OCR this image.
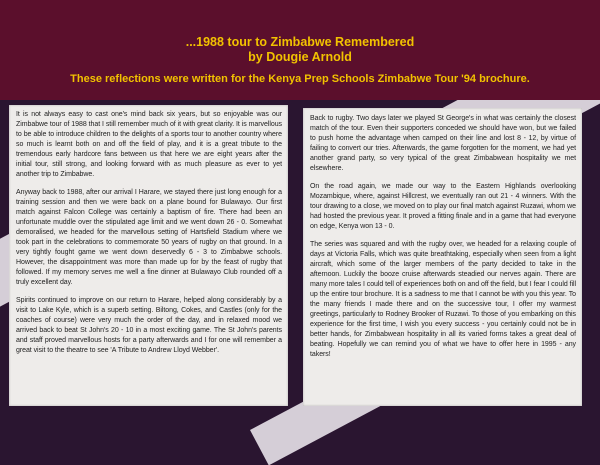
...1988 tour to Zimbabwe Remembered
by Dougie Arnold
These reflections were written for the Kenya Prep Schools Zimbabwe Tour '94 brochure.

It is not always easy to cast one's mind back six years, but so enjoyable was our Zimbabwe tour of 1988 that I still remember much of it with great clarity. It is marvellous to be able to introduce children to the delights of a sports tour to another country where so much is learnt both on and off the field of play, and it is a great tribute to the tremendous early hardcore fans between us that here we are eight years after the initial tour, still strong, and looking forward with as much pleasure as ever to yet another trip to Zimbabwe.

Anyway back to 1988, after our arrival I Harare, we stayed there just long enough for a training session and then we were back on a plane bound for Bulawayo. Our first match against Falcon College was certainly a baptism of fire. There had been an unfortunate muddle over the stipulated age limit and we went down 26 - 0. Somewhat demoralised, we headed for the marvellous setting of Hartsfield Stadium where we took part in the celebrations to commemorate 50 years of rugby on that ground. In a very tightly fought game we went down deservedly 6 - 3 to Zimbabwe schools. However, the disappointment was more than made up for by the feast of rugby that followed. If my memory serves me well a fine dinner at Bulawayo Club rounded off a truly excellent day.

Spirits continued to improve on our return to Harare, helped along considerably by a visit to Lake Kyle, which is a superb setting. Biltong, Cokes, and Castles (only for the coaches of course) were very much the order of the day, and in relaxed mood we arrived back to beat St John's 20 - 10 in a most exciting game. The St John's parents and staff proved marvellous hosts for a party afterwards and I for one will remember a great visit to the theatre to see 'A Tribute to Andrew Lloyd Webber'.

Back to rugby. Two days later we played St George's in what was certainly the closest match of the tour. Even their supporters conceded we should have won, but we failed to push home the advantage when camped on their line and lost 8 - 12, by virtue of failing to convert our tries. Afterwards, the game forgotten for the moment, we had yet another grand party, so very typical of the great Zimbabwean hospitality we met elsewhere.

On the road again, we made our way to the Eastern Highlands overlooking Mozambique, where, against Hillcrest, we eventually ran out 21 - 4 winners. With the tour drawing to a close, we moved on to play our final match against Ruzawi, whom we had hosted the previous year. It proved a fitting finale and in a game that had everyone on edge, Kenya won 13 - 0.

The series was squared and with the rugby over, we headed for a relaxing couple of days at Victoria Falls, which was quite breathtaking, especially when seen from a light aircraft, which some of the larger members of the party decided to take in the afternoon. Luckily the booze cruise afterwards steadied our nerves again. There are many more tales I could tell of experiences both on and off the field, but I fear I could fill up the entire tour brochure. It is a sadness to me that I cannot be with you this year. To the many friends I made there and on the successive tour, I offer my warmest greetings, particularly to Rodney Brooker of Ruzawi. To those of you embarking on this experience for the first time, I wish you every success - you certainly could not be in better hands, for Zimbabwean hospitality in all its varied forms takes a great deal of beating. Hopefully we can remind you of what we have to offer here in 1995 - any takers!
